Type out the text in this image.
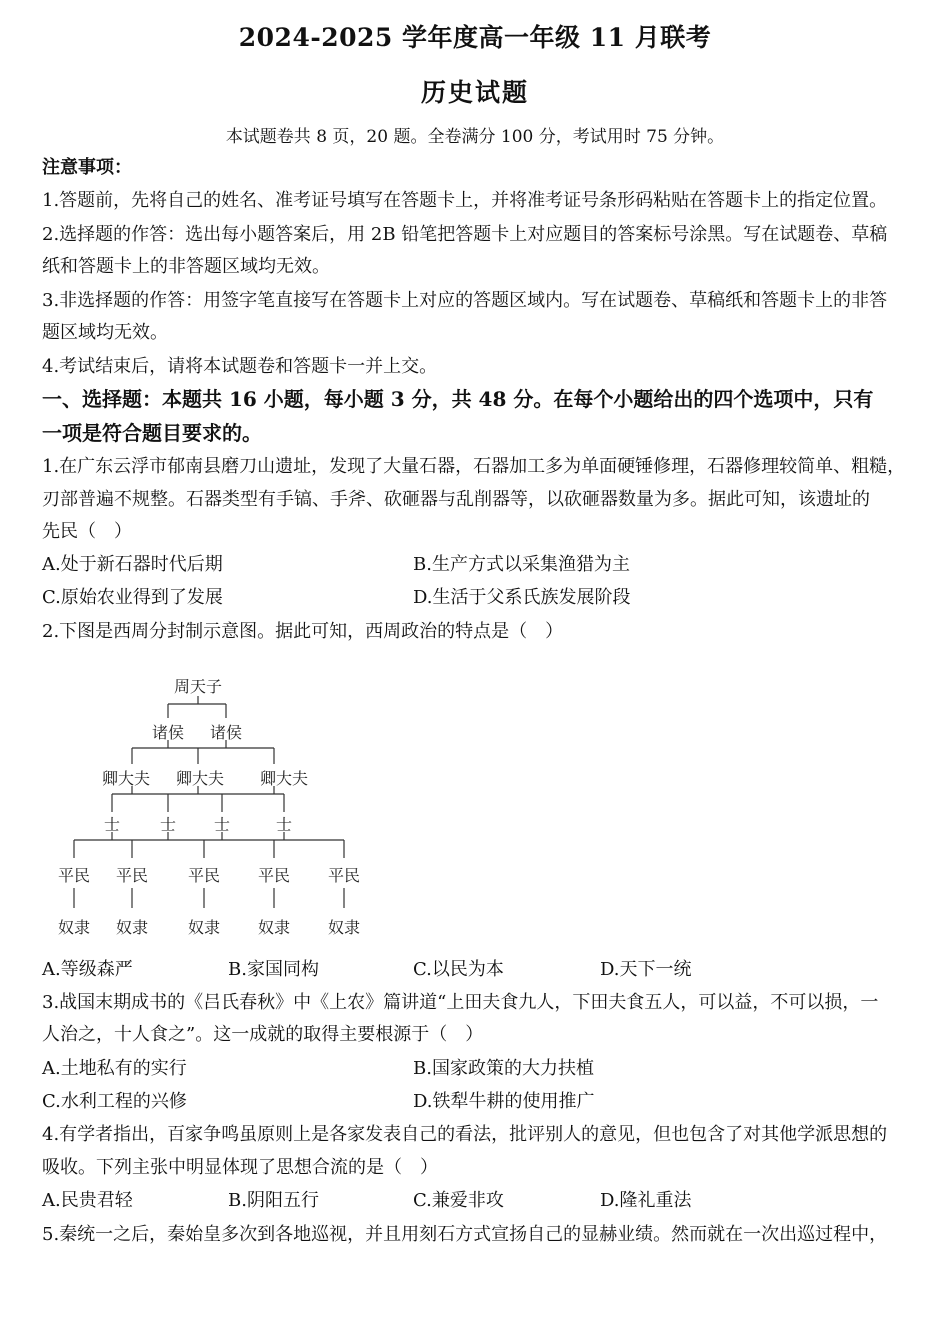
2024-2025 学年度高一年级 11 月联考
历史试题
本试题卷共 8 页，20 题。全卷满分 100 分，考试用时 75 分钟。
注意事项：
1.答题前，先将自己的姓名、准考证号填写在答题卡上，并将准考证号条形码粘贴在答题卡上的指定位置。
2.选择题的作答：选出每小题答案后，用 2B 铅笔把答题卡上对应题目的答案标号涂黑。写在试题卷、草稿
纸和答题卡上的非答题区域均无效。
3.非选择题的作答：用签字笔直接写在答题卡上对应的答题区域内。写在试题卷、草稿纸和答题卡上的非答
题区域均无效。
4.考试结束后，请将本试题卷和答题卡一并上交。
一、选择题：本题共 16 小题，每小题 3 分，共 48 分。在每个小题给出的四个选项中，只有
一项是符合题目要求的。
1.在广东云浮市郁南县磨刀山遗址，发现了大量石器，石器加工多为单面硬锤修理，石器修理较简单、粗糙，
刃部普遍不规整。石器类型有手镐、手斧、砍砸器与乱削器等，以砍砸器数量为多。据此可知，该遗址的
先民（　）
A.处于新石器时代后期	B.生产方式以采集渔猎为主
C.原始农业得到了发展	D.生活于父系氏族发展阶段
2.下图是西周分封制示意图。据此可知，西周政治的特点是（　）
周天子
诸侯 诸侯
卿大夫 卿大夫 卿大夫
士 士 士	士
平民 平民 平民 平民 平民
奴隶 奴隶 奴隶 奴隶 奴隶
A.等级森严	B.家国同构	C.以民为本	D.天下一统
3.战国末期成书的《吕氏春秋》中《上农》篇讲道“上田夫食九人，下田夫食五人，可以益，不可以损，一
人治之，十人食之”。这一成就的取得主要根源于（　）
A.土地私有的实行	B.国家政策的大力扶植
C.水利工程的兴修	D.铁犁牛耕的使用推广
4.有学者指出，百家争鸣虽原则上是各家发表自己的看法，批评别人的意见，但也包含了对其他学派思想的
吸收。下列主张中明显体现了思想合流的是（　）
A.民贵君轻	B.阴阳五行	C.兼爱非攻	D.隆礼重法
5.秦统一之后，秦始皇多次到各地巡视，并且用刻石方式宣扬自己的显赫业绩。然而就在一次出巡过程中，
